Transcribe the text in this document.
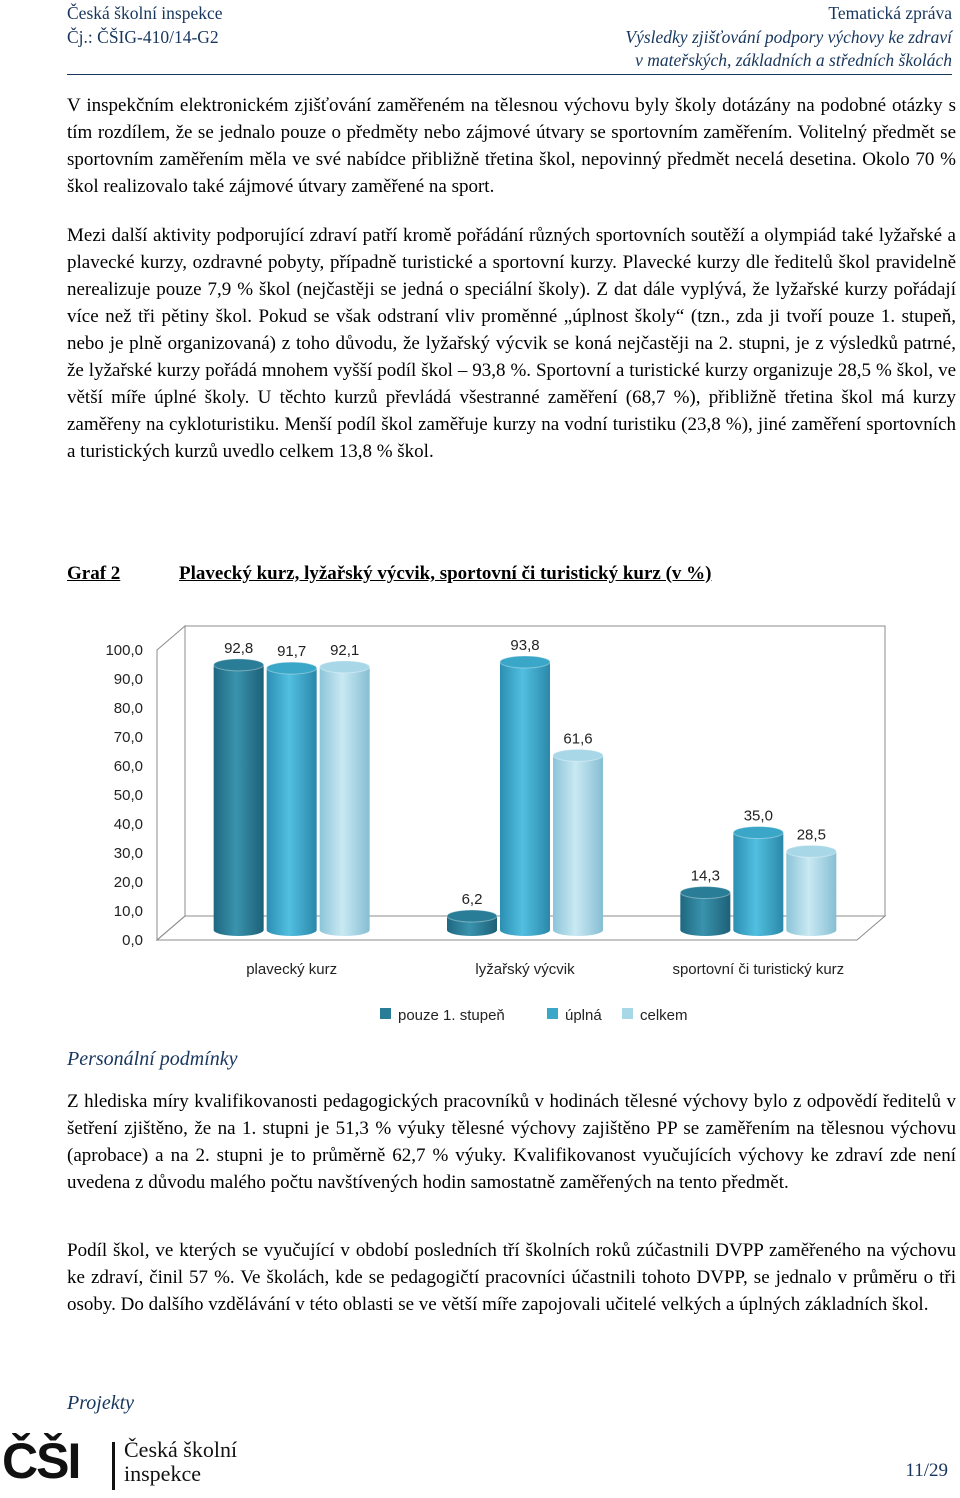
Česká školní inspekce
Čj.: ČŠIG-410/14-G2
Tematická zpráva
Výsledky zjišťování podpory výchovy ke zdraví
v mateřských, základních a středních školách
V inspekčním elektronickém zjišťování zaměřeném na tělesnou výchovu byly školy dotázány na podobné otázky s tím rozdílem, že se jednalo pouze o předměty nebo zájmové útvary se sportovním zaměřením. Volitelný předmět se sportovním zaměřením měla ve své nabídce přibližně třetina škol, nepovinný předmět necelá desetina. Okolo 70 % škol realizovalo také zájmové útvary zaměřené na sport.
Mezi další aktivity podporující zdraví patří kromě pořádání různých sportovních soutěží a olympiád také lyžařské a plavecké kurzy, ozdravné pobyty, případně turistické a sportovní kurzy. Plavecké kurzy dle ředitelů škol pravidelně nerealizuje pouze 7,9 % škol (nejčastěji se jedná o speciální školy). Z dat dále vyplývá, že lyžařské kurzy pořádají více než tři pětiny škol. Pokud se však odstraní vliv proměnné „úplnost školy“ (tzn., zda ji tvoří pouze 1. stupeň, nebo je plně organizovaná) z toho důvodu, že lyžařský výcvik se koná nejčastěji na 2. stupni, je z výsledků patrné, že lyžařské kurzy pořádá mnohem vyšší podíl škol – 93,8 %. Sportovní a turistické kurzy organizuje 28,5 % škol, ve větší míře úplné školy. U těchto kurzů převládá všestranné zaměření (68,7 %), přibližně třetina škol má kurzy zaměřeny na cykloturistiku. Menší podíl škol zaměřuje kurzy na vodní turistiku (23,8 %), jiné zaměření sportovních a turistických kurzů uvedlo celkem 13,8 % škol.
Graf 2	Plavecký kurz, lyžařský výcvik, sportovní či turistický kurz (v %)
0,0
10,0
20,0
30,0
40,0
50,0
60,0
70,0
80,0
90,0
100,0	92,8 91,7 92,1
6,2
93,8
61,6
14,3
35,0
28,5
plavecký kurz	lyžařský výcvik	sportovní či turistický kurz
pouze 1. stupeň	úplná	celkem
Personální podmínky
Z hlediska míry kvalifikovanosti pedagogických pracovníků v hodinách tělesné výchovy bylo z odpovědí ředitelů v šetření zjištěno, že na 1. stupni je 51,3 % výuky tělesné výchovy zajištěno PP se zaměřením na tělesnou výchovu (aprobace) a na 2. stupni je to průměrně 62,7 % výuky. Kvalifikovanost vyučujících výchovy ke zdraví zde není uvedena z důvodu malého počtu navštívených hodin samostatně zaměřených na tento předmět.
Podíl škol, ve kterých se vyučující v období posledních tří školních roků zúčastnili DVPP zaměřeného na výchovu ke zdraví, činil 57 %. Ve školách, kde se pedagogičtí pracovníci účastnili tohoto DVPP, se jednalo v průměru o tři osoby. Do dalšího vzdělávání v této oblasti se ve větší míře zapojovali učitelé velkých a úplných základních škol.
Projekty
ČŠI Česká školní
inspekce	11/29
